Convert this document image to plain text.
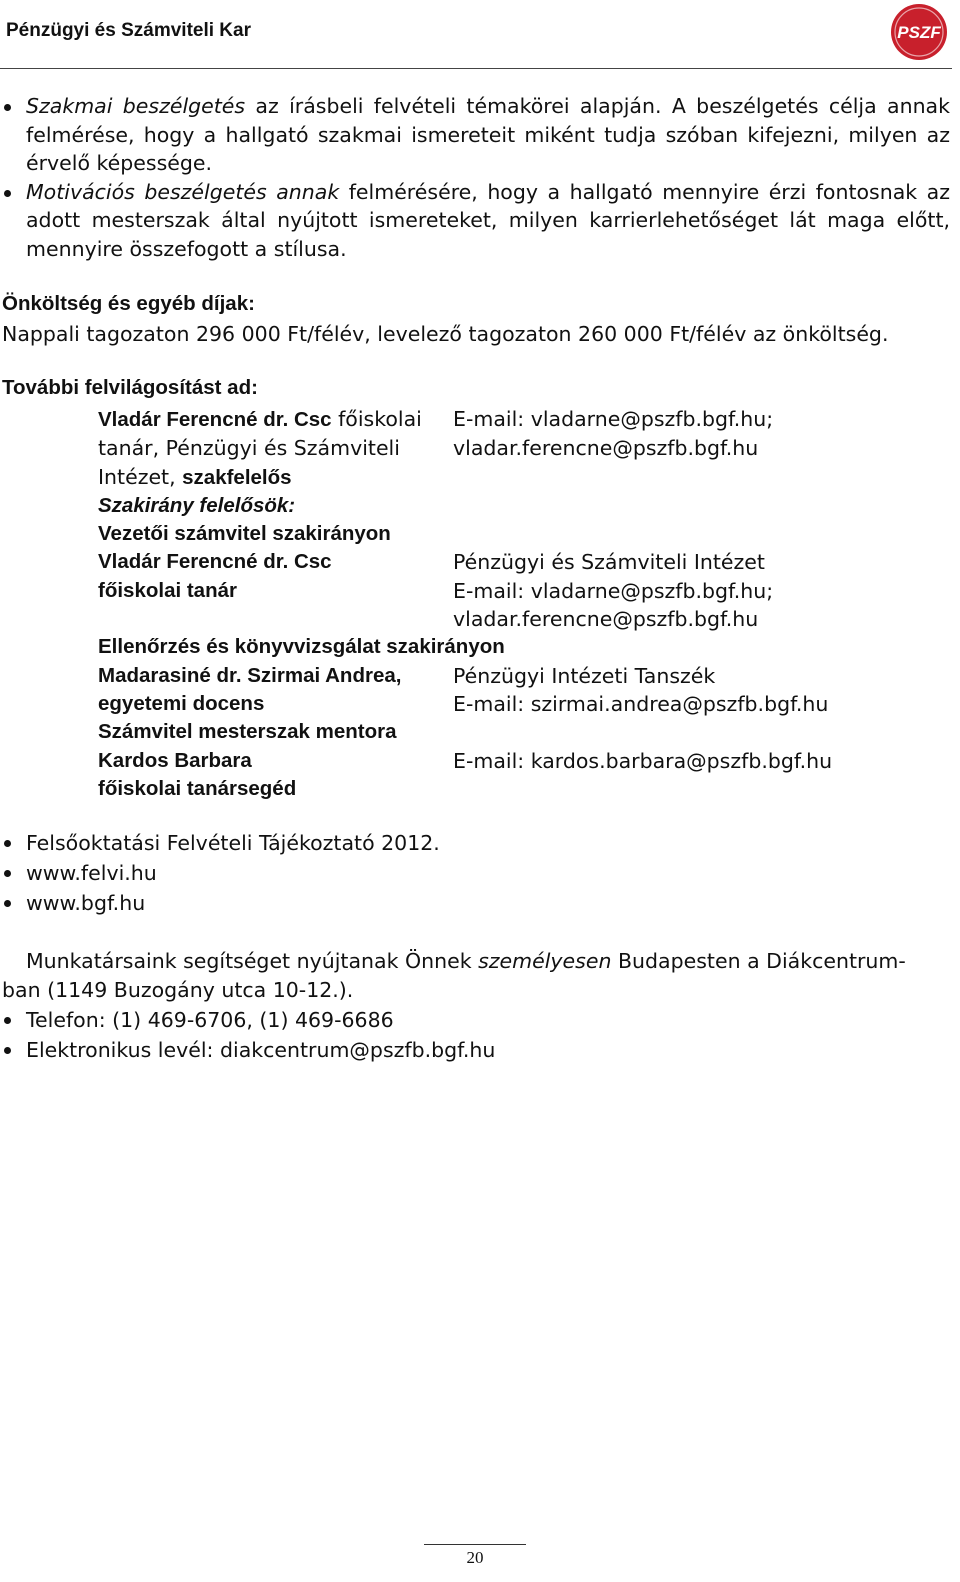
Pénzügyi és Számviteli Kar	PSZF
Szakmai beszélgetés az írásbeli felvételi témakörei alapján. A beszélgetés célja annak felmérése, hogy a hallgató szakmai ismereteit miként tudja szóban kifejezni, milyen az érvelő képessége.
Motivációs beszélgetés annak felmérésére, hogy a hallgató mennyire érzi fontosnak az adott mesterszak által nyújtott ismereteket, milyen karrierlehetőséget lát maga előtt, mennyire összefogott a stílusa.
Önköltség és egyéb díjak:
Nappali tagozaton 296 000 Ft/félév, levelező tagozaton 260 000 Ft/félév az önköltség.
További felvilágosítást ad:
Vladár Ferencné dr. Csc főiskolai	E-mail: vladarne@pszfb.bgf.hu;
tanár, Pénzügyi és Számviteli	vladar.ferencne@pszfb.bgf.hu
Intézet, szakfelelős
Szakirány felelősök:
Vezetői számvitel szakirányon
Vladár Ferencné dr. Csc	Pénzügyi és Számviteli Intézet
főiskolai tanár	E-mail: vladarne@pszfb.bgf.hu;
vladar.ferencne@pszfb.bgf.hu
Ellenőrzés és könyvvizsgálat szakirányon
Madarasiné dr. Szirmai Andrea,	Pénzügyi Intézeti Tanszék
egyetemi docens	E-mail: szirmai.andrea@pszfb.bgf.hu
Számvitel mesterszak mentora
Kardos Barbara	E-mail: kardos.barbara@pszfb.bgf.hu
főiskolai tanársegéd
Felsőoktatási Felvételi Tájékoztató 2012.
www.felvi.hu
www.bgf.hu
Munkatársaink segítséget nyújtanak Önnek személyesen Budapesten a Diákcentrum-
ban (1149 Buzogány utca 10-12.).
Telefon: (1) 469-6706, (1) 469-6686
Elektronikus levél: diakcentrum@pszfb.bgf.hu
20
